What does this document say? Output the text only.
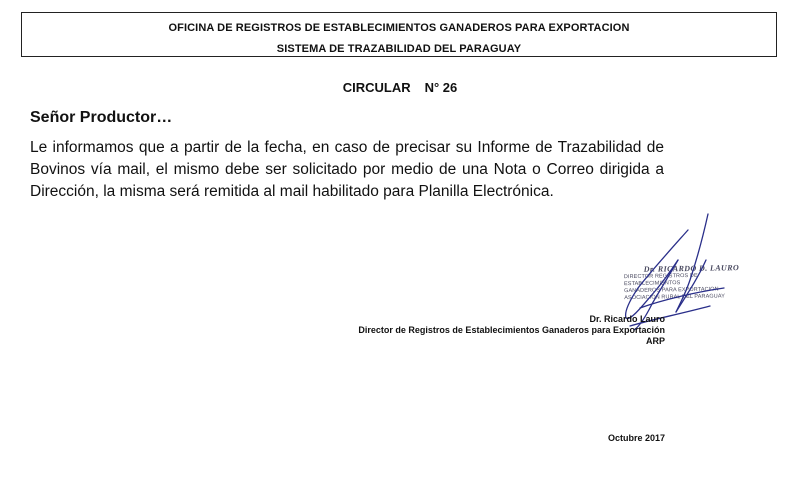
OFICINA DE REGISTROS DE ESTABLECIMIENTOS GANADEROS PARA EXPORTACION
SISTEMA DE TRAZABILIDAD DEL PARAGUAY
CIRCULAR N° 26
Señor Productor…

Le informamos que a partir de la fecha, en caso de precisar su Informe de Trazabilidad de Bovinos vía mail, el mismo debe ser solicitado por medio de una Nota o Correo dirigida a Dirección, la misma será remitida al mail habilitado para Planilla Electrónica.

Dr. RICARDO D. LAURO
DIRECTOR REGISTROS DE ESTABLECIMIENTOS
GANADEROS PARA EXPORTACION
ASOCIACION RURAL DEL PARAGUAY
Dr. Ricardo Lauro
Director de Registros de Establecimientos Ganaderos para Exportación
ARP
Octubre 2017
